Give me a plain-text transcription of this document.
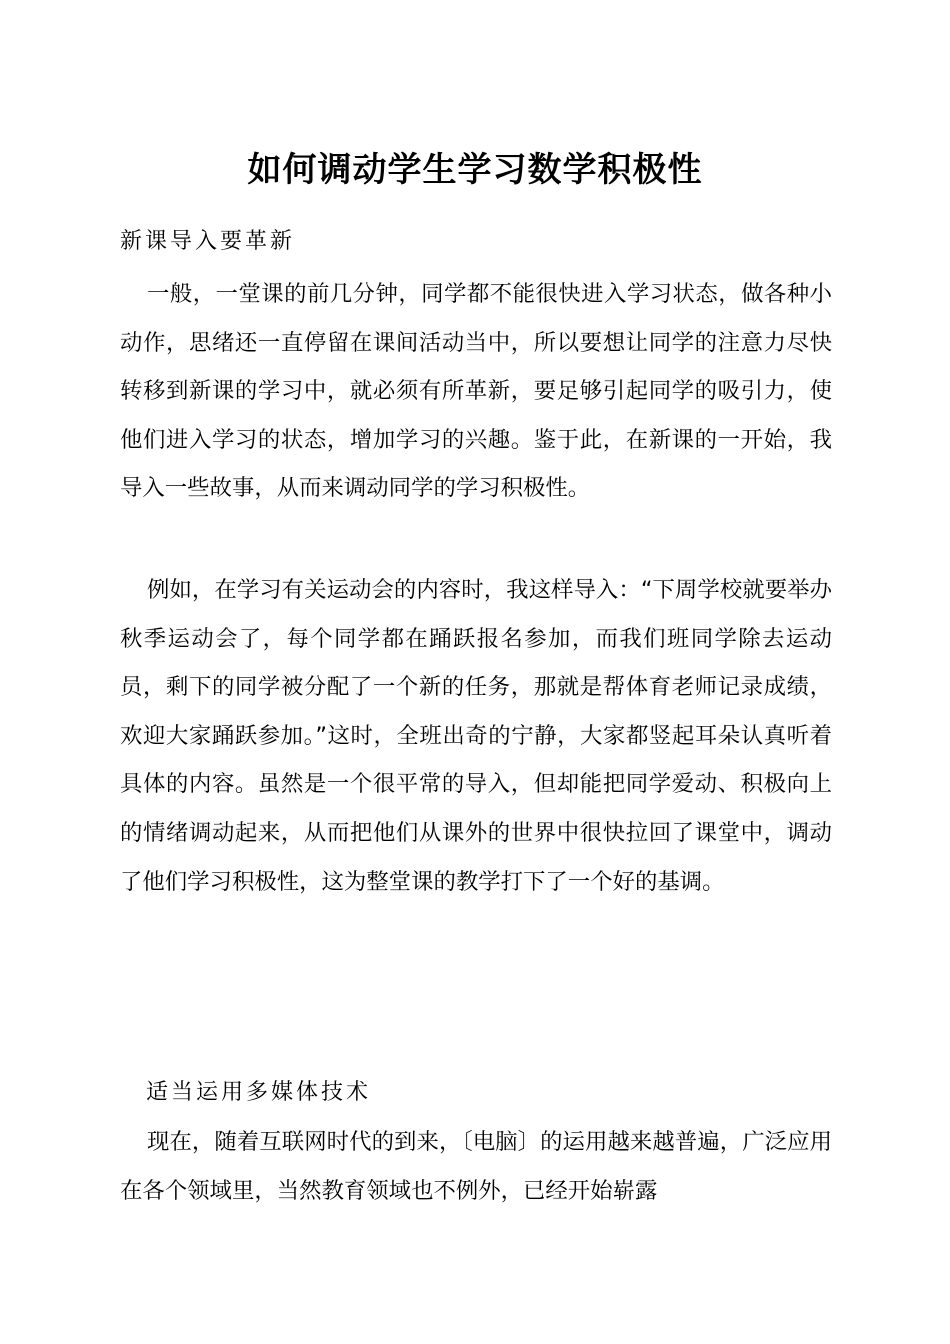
如何调动学生学习数学积极性
新课导入要革新
一般，一堂课的前几分钟，同学都不能很快进入学习状态，做各种小动作，思绪还一直停留在课间活动当中，所以要想让同学的注意力尽快转移到新课的学习中，就必须有所革新，要足够引起同学的吸引力，使他们进入学习的状态，增加学习的兴趣。鉴于此，在新课的一开始，我导入一些故事，从而来调动同学的学习积极性。
例如，在学习有关运动会的内容时，我这样导入：“下周学校就要举办秋季运动会了，每个同学都在踊跃报名参加，而我们班同学除去运动员，剩下的同学被分配了一个新的任务，那就是帮体育老师记录成绩，欢迎大家踊跃参加。”这时，全班出奇的宁静，大家都竖起耳朵认真听着具体的内容。虽然是一个很平常的导入，但却能把同学爱动、积极向上的情绪调动起来，从而把他们从课外的世界中很快拉回了课堂中，调动了他们学习积极性，这为整堂课的教学打下了一个好的基调。
适当运用多媒体技术
现在，随着互联网时代的到来，〔电脑〕的运用越来越普遍，广泛应用在各个领域里，当然教育领域也不例外，已经开始崭露
